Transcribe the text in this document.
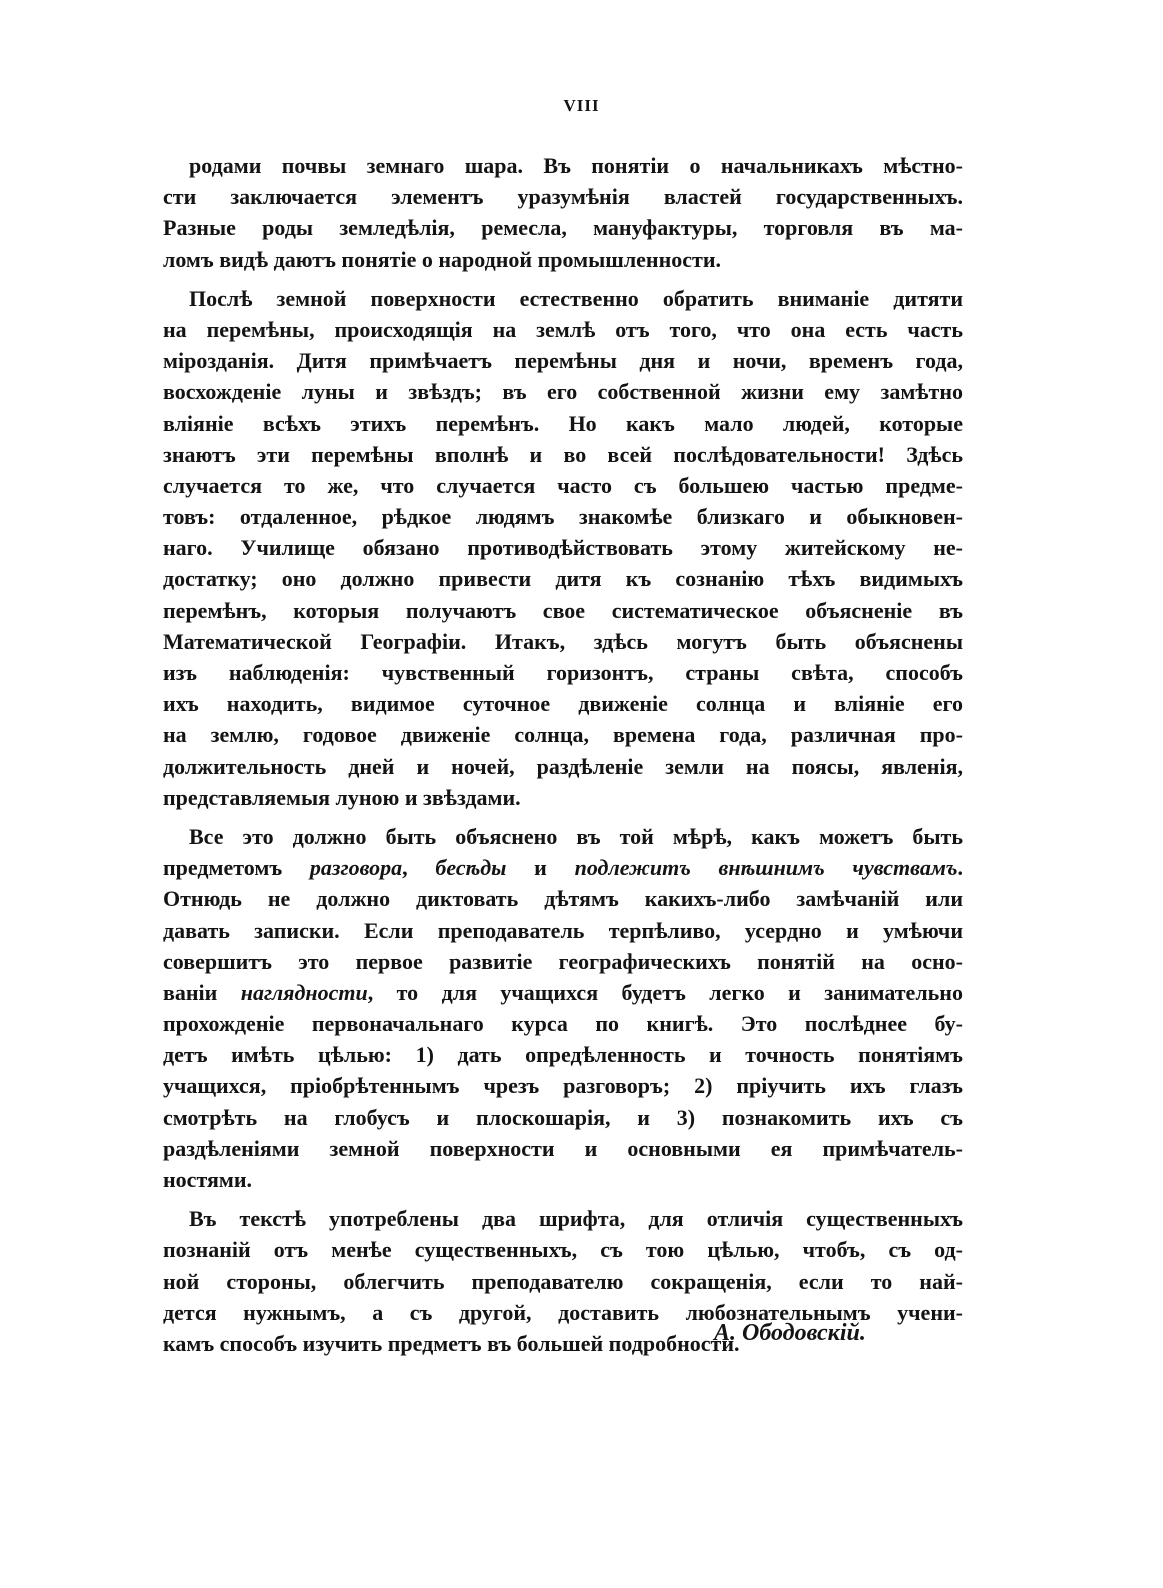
VIII
родами почвы земнаго шара. Въ понятіи о начальникахъ мѣстно-
сти заключается элементъ уразумѣнія властей государственныхъ.
Разные роды земледѣлія, ремесла, мануфактуры, торговля въ ма-
ломъ видѣ даютъ понятіе о народной промышленности.
Послѣ земной поверхности естественно обратить вниманіе дитяти
на перемѣны, происходящія на землѣ отъ того, что она есть часть
мірозданія. Дитя примѣчаетъ перемѣны дня и ночи, временъ года,
восхожденіе луны и звѣздъ; въ его собственной жизни ему замѣтно
вліяніе всѣхъ этихъ перемѣнъ. Но какъ мало людей, которые
знаютъ эти перемѣны вполнѣ и во всей послѣдовательности! Здѣсь
случается то же, что случается часто съ большею частью предме-
товъ: отдаленное, рѣдкое людямъ знакомѣе близкаго и обыкновен-
наго. Училище обязано противодѣйствовать этому житейскому не-
достатку; оно должно привести дитя къ сознанію тѣхъ видимыхъ
перемѣнъ, которыя получаютъ свое систематическое объясненіе въ
Математической Географіи. Итакъ, здѣсь могутъ быть объяснены
изъ наблюденія: чувственный горизонтъ, страны свѣта, способъ
ихъ находить, видимое суточное движеніе солнца и вліяніе его
на землю, годовое движеніе солнца, времена года, различная про-
должительность дней и ночей, раздѣленіе земли на поясы, явленія,
представляемыя луною и звѣздами.
Все это должно быть объяснено въ той мѣрѣ, какъ можетъ быть
предметомъ разговора, бесѣды и подлежитъ внѣшнимъ чувствамъ.
Отнюдь не должно диктовать дѣтямъ какихъ-либо замѣчаній или
давать записки. Если преподаватель терпѣливо, усердно и умѣючи
совершитъ это первое развитіе географическихъ понятій на осно-
ваніи наглядности, то для учащихся будетъ легко и занимательно
прохожденіе первоначальнаго курса по книгѣ. Это послѣднее бу-
детъ имѣть цѣлью: 1) дать опредѣленность и точность понятіямъ
учащихся, пріобрѣтеннымъ чрезъ разговоръ; 2) пріучить ихъ глазъ
смотрѣть на глобусъ и плоскошарія, и 3) познакомить ихъ съ
раздѣленіями земной поверхности и основными ея примѣчатель-
ностями.
Въ текстѣ употреблены два шрифта, для отличія существенныхъ
познаній отъ менѣе существенныхъ, съ тою цѣлью, чтобъ, съ од-
ной стороны, облегчить преподавателю сокращенія, если то най-
дется нужнымъ, а съ другой, доставить любознательнымъ учени-
камъ способъ изучить предметъ въ большей подробности.
А. Ободовскій.
